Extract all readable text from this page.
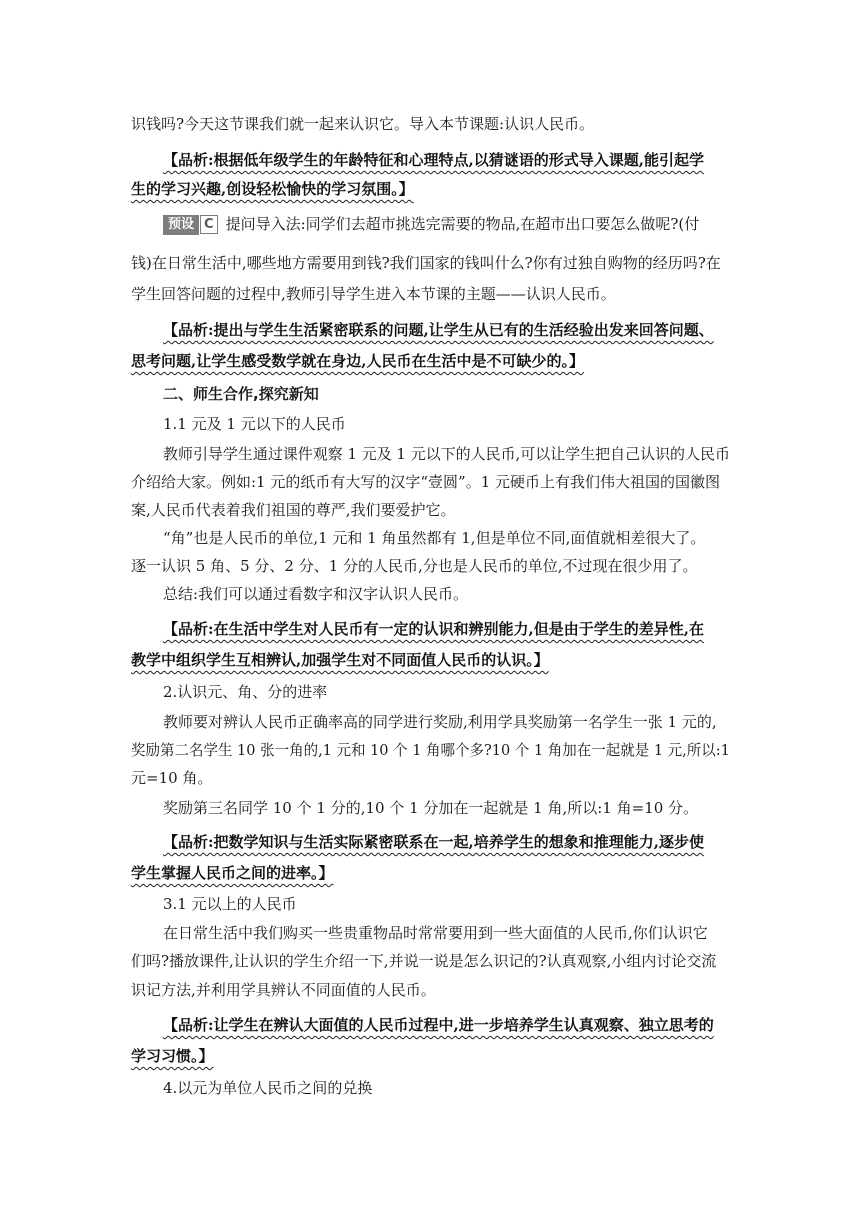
识钱吗?今天这节课我们就一起来认识它。导入本节课题:认识人民币。
【品析:根据低年级学生的年龄特征和心理特点,以猜谜语的形式导入课题,能引起学
生的学习兴趣,创设轻松愉快的学习氛围。】
预设 C 提问导入法:同学们去超市挑选完需要的物品,在超市出口要怎么做呢?(付
钱)在日常生活中,哪些地方需要用到钱?我们国家的钱叫什么?你有过独自购物的经历吗?在
学生回答问题的过程中,教师引导学生进入本节课的主题——认识人民币。
【品析:提出与学生生活紧密联系的问题,让学生从已有的生活经验出发来回答问题、
思考问题,让学生感受数学就在身边,人民币在生活中是不可缺少的。】
二、师生合作,探究新知
1.1 元及 1 元以下的人民币
教师引导学生通过课件观察 1 元及 1 元以下的人民币,可以让学生把自己认识的人民币
介绍给大家。例如:1 元的纸币有大写的汉字“壹圆”。1 元硬币上有我们伟大祖国的国徽图
案,人民币代表着我们祖国的尊严,我们要爱护它。
“角”也是人民币的单位,1 元和 1 角虽然都有 1,但是单位不同,面值就相差很大了。
逐一认识 5 角、5 分、2 分、1 分的人民币,分也是人民币的单位,不过现在很少用了。
总结:我们可以通过看数字和汉字认识人民币。
【品析:在生活中学生对人民币有一定的认识和辨别能力,但是由于学生的差异性,在
教学中组织学生互相辨认,加强学生对不同面值人民币的认识。】
2.认识元、角、分的进率
教师要对辨认人民币正确率高的同学进行奖励,利用学具奖励第一名学生一张 1 元的,
奖励第二名学生 10 张一角的,1 元和 10 个 1 角哪个多?10 个 1 角加在一起就是 1 元,所以:1
元=10 角。
奖励第三名同学 10 个 1 分的,10 个 1 分加在一起就是 1 角,所以:1 角=10 分。
【品析:把数学知识与生活实际紧密联系在一起,培养学生的想象和推理能力,逐步使
学生掌握人民币之间的进率。】
3.1 元以上的人民币
在日常生活中我们购买一些贵重物品时常常要用到一些大面值的人民币,你们认识它
们吗?播放课件,让认识的学生介绍一下,并说一说是怎么识记的?认真观察,小组内讨论交流
识记方法,并利用学具辨认不同面值的人民币。
【品析:让学生在辨认大面值的人民币过程中,进一步培养学生认真观察、独立思考的
学习习惯。】
4.以元为单位人民币之间的兑换
